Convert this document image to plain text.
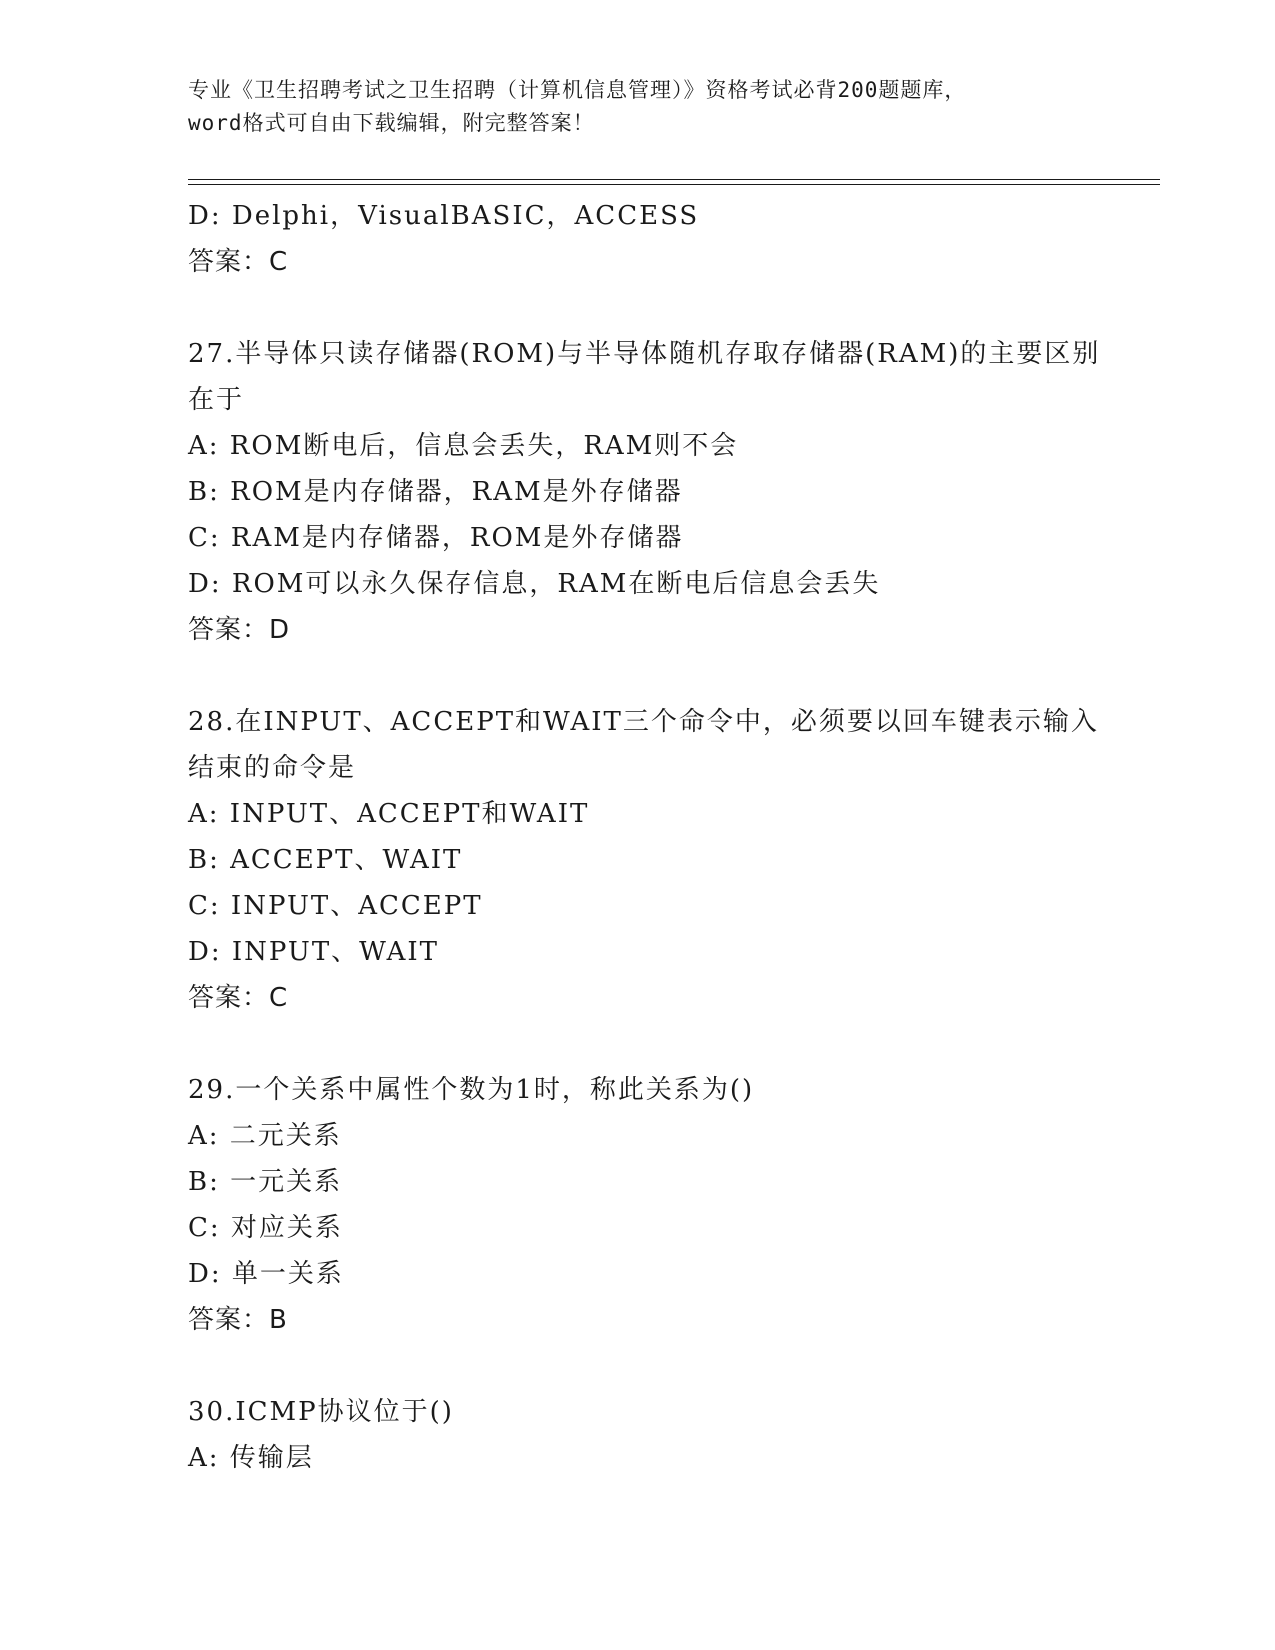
专业《卫生招聘考试之卫生招聘（计算机信息管理）》资格考试必背200题题库，
word格式可自由下载编辑，附完整答案！
D: Delphi，VisualBASIC，ACCESS
答案：C
27.半导体只读存储器(ROM)与半导体随机存取存储器(RAM)的主要区别
在于
A: ROM断电后，信息会丢失，RAM则不会
B: ROM是内存储器，RAM是外存储器
C: RAM是内存储器，ROM是外存储器
D: ROM可以永久保存信息，RAM在断电后信息会丢失
答案：D
28.在INPUT、ACCEPT和WAIT三个命令中，必须要以回车键表示输入
结束的命令是
A: INPUT、ACCEPT和WAIT
B: ACCEPT、WAIT
C: INPUT、ACCEPT
D: INPUT、WAIT
答案：C
29.一个关系中属性个数为1时，称此关系为()
A: 二元关系
B: 一元关系
C: 对应关系
D: 单一关系
答案：B
30.ICMP协议位于()
A: 传输层
